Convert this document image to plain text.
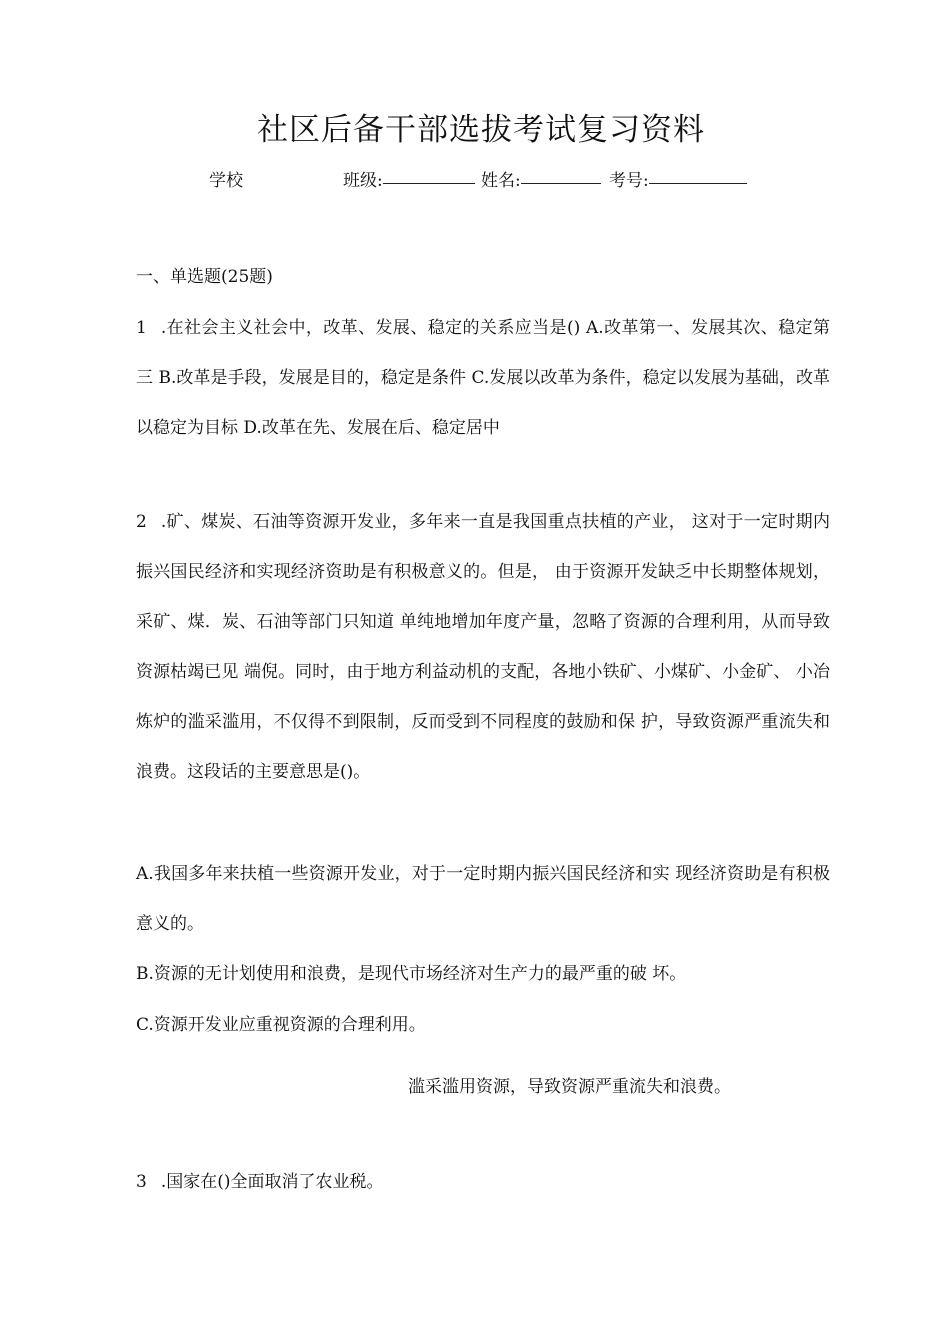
社区后备干部选拔考试复习资料
学校	班级:	姓名:	考号:

一、单选题(25题)

1 .在社会主义社会中，改革、发展、稳定的关系应当是() A.改革第一、发展其次、稳定第三 B.改革是手段，发展是目的，稳定是条件 C.发展以改革为条件，稳定以发展为基础，改革以稳定为目标 D.改革在先、发展在后、稳定居中

2 .矿、煤炭、石油等资源开发业，多年来一直是我国重点扶植的产业， 这对于一定时期内振兴国民经济和实现经济资助是有积极意义的。但是， 由于资源开发缺乏中长期整体规划，采矿、煤．炭、石油等部门只知道 单纯地增加年度产量，忽略了资源的合理利用，从而导致资源枯竭已见 端倪。同时，由于地方利益动机的支配，各地小铁矿、小煤矿、小金矿、 小冶炼炉的滥采滥用，不仅得不到限制，反而受到不同程度的鼓励和保 护，导致资源严重流失和浪费。这段话的主要意思是()。

A.我国多年来扶植一些资源开发业，对于一定时期内振兴国民经济和实 现经济资助是有积极意义的。

B.资源的无计划使用和浪费，是现代市场经济对生产力的最严重的破 坏。

C.资源开发业应重视资源的合理利用。

滥采滥用资源，导致资源严重流失和浪费。

3 .国家在()全面取消了农业税。
